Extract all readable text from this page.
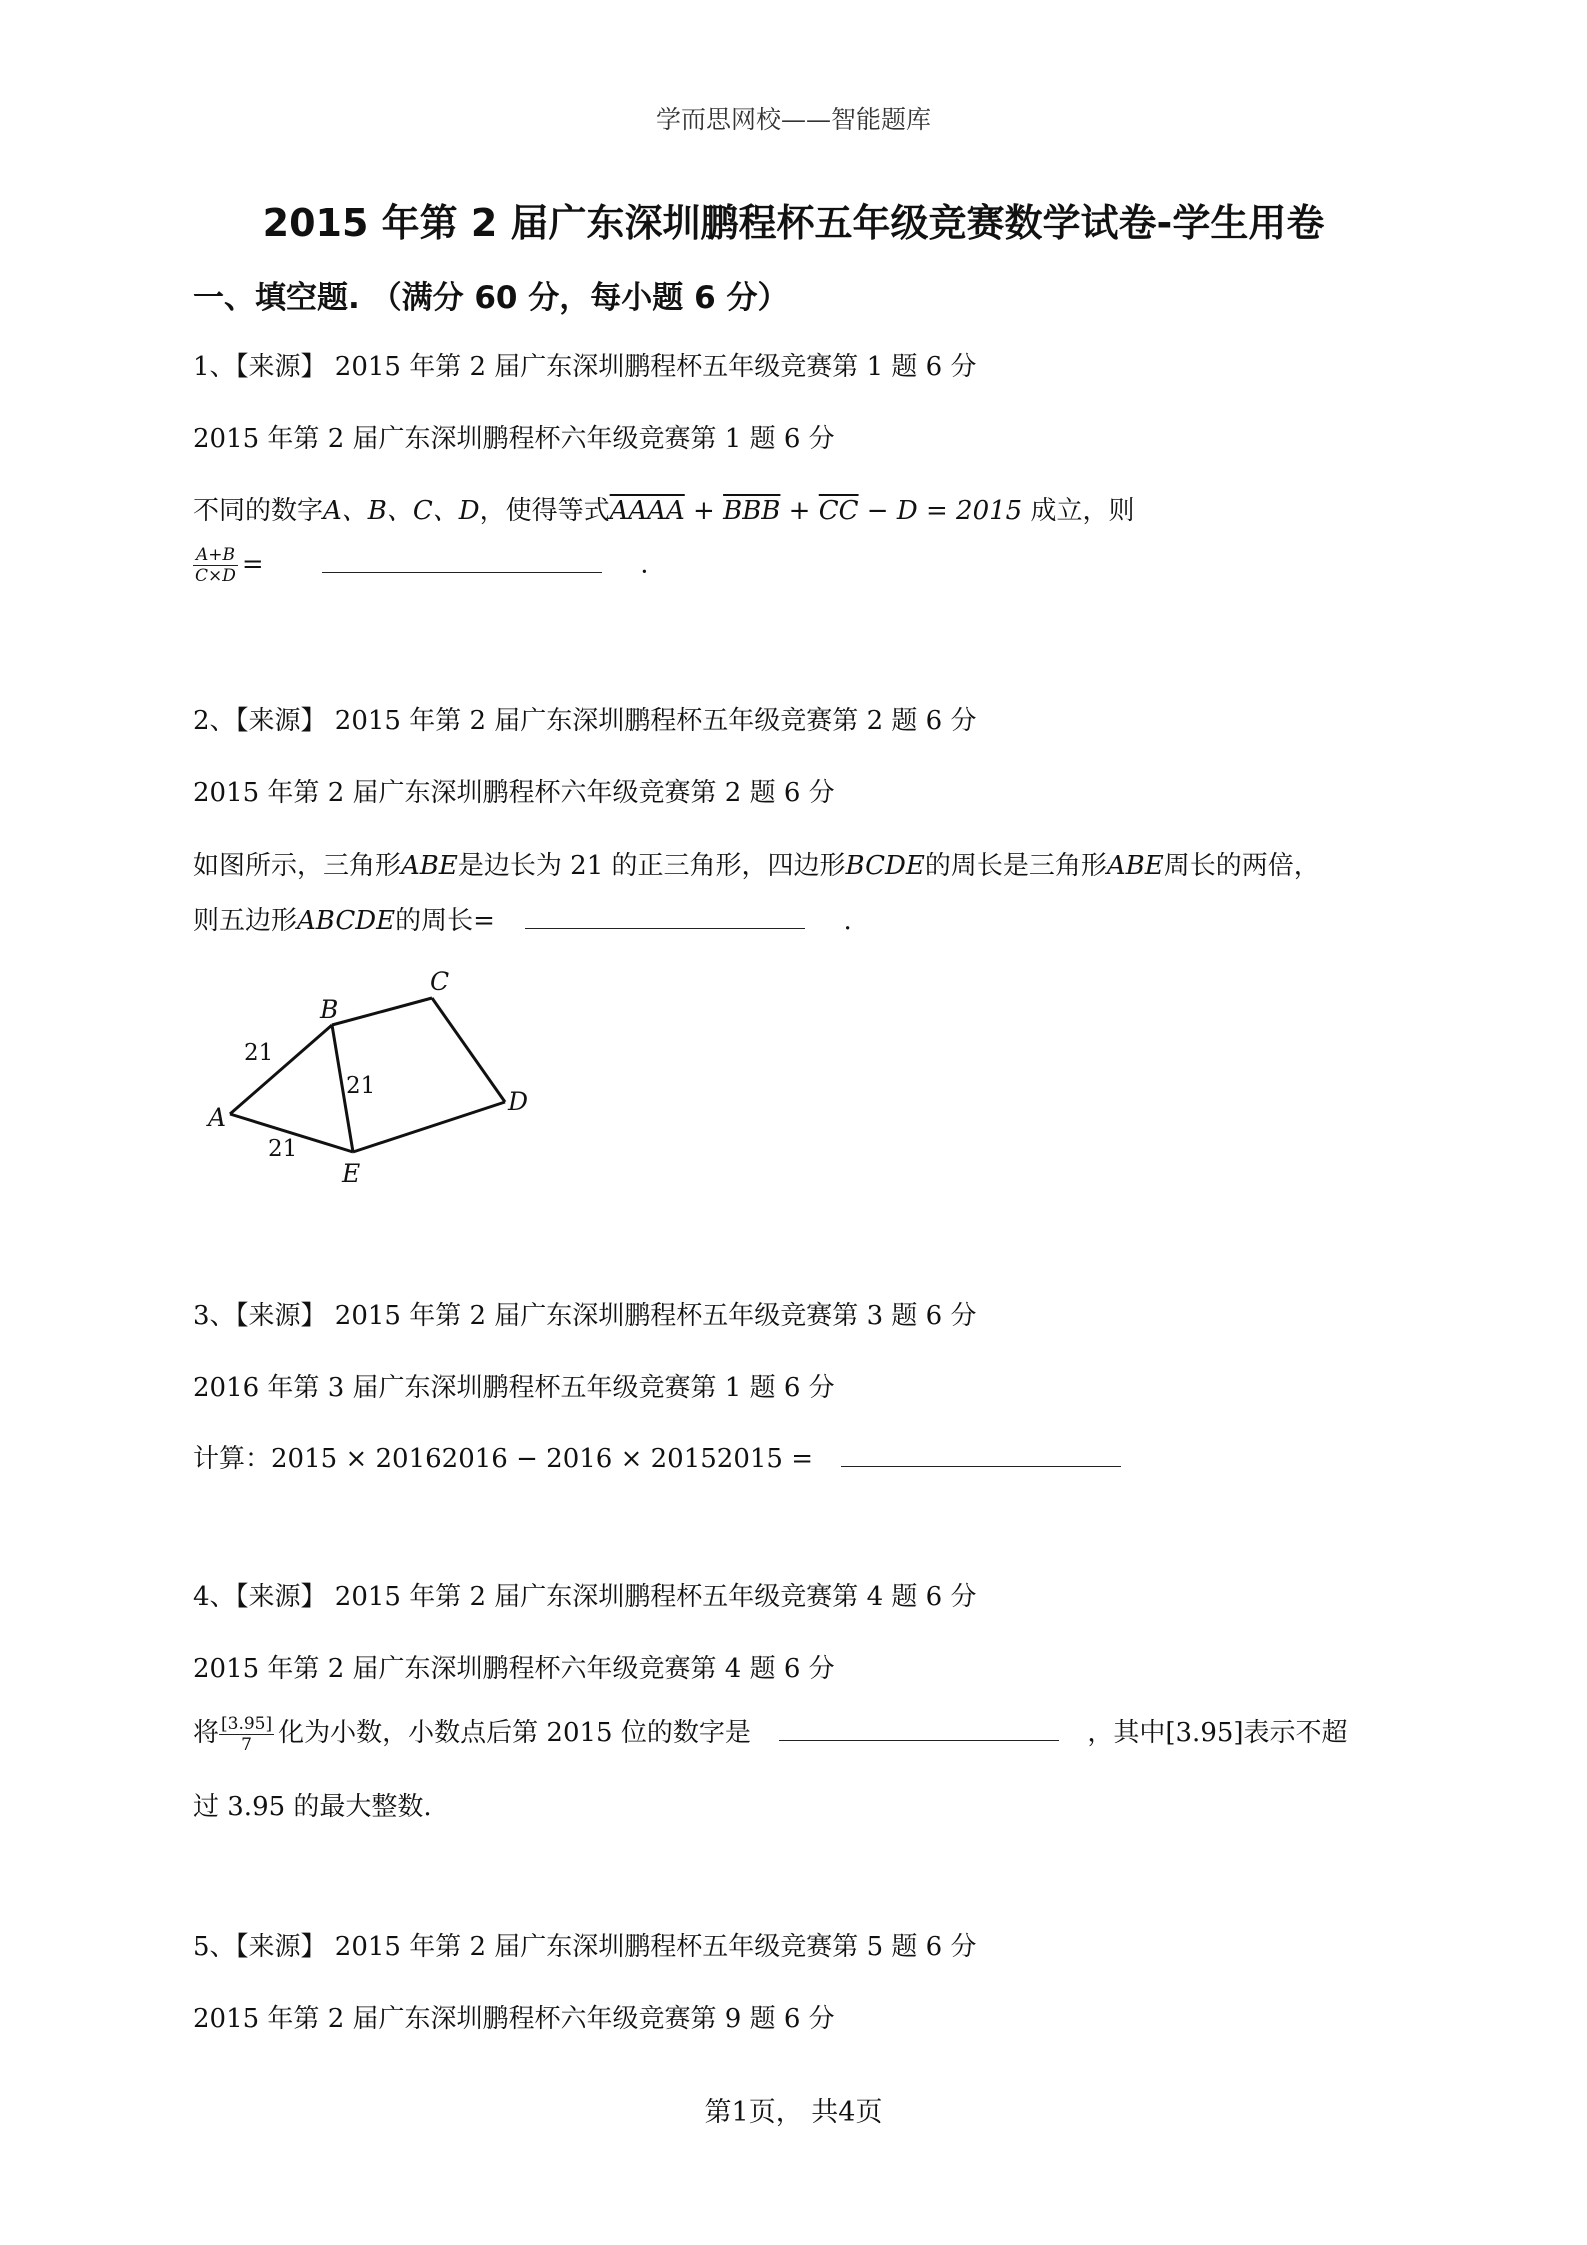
学而思网校——智能题库
2015 年第 2 届广东深圳鹏程杯五年级竞赛数学试卷-学生用卷
一、填空题. （满分 60 分，每小题 6 分）
1、【来源】 2015 年第 2 届广东深圳鹏程杯五年级竞赛第 1 题 6 分
2015 年第 2 届广东深圳鹏程杯六年级竞赛第 1 题 6 分
不同的数字A、B、C、D，使得等式AAAA + $\overline{BBB} + \overline{CC} - D = 2015$ 成立，则
$\frac{A+B}{C\times D}$ =	.
2、【来源】 2015 年第 2 届广东深圳鹏程杯五年级竞赛第 2 题 6 分
2015 年第 2 届广东深圳鹏程杯六年级竞赛第 2 题 6 分
如图所示，三角形ABE是边长为 21 的正三角形，四边形BCDE的周长是三角形ABE周长的两倍，
则五边形ABCDE的周长=	.
A
B
C
D
E
21
21
21
3、【来源】 2015 年第 2 届广东深圳鹏程杯五年级竞赛第 3 题 6 分
2016 年第 3 届广东深圳鹏程杯五年级竞赛第 1 题 6 分
计算：2015 × 20162016 − 2016 × 20152015 =
4、【来源】 2015 年第 2 届广东深圳鹏程杯五年级竞赛第 4 题 6 分
2015 年第 2 届广东深圳鹏程杯六年级竞赛第 4 题 6 分
将 $\frac{[3.95]}{7}$ 化为小数，小数点后第 2015 位的数字是	，其中[3.95]表示不超
过 3.95 的最大整数.
5、【来源】 2015 年第 2 届广东深圳鹏程杯五年级竞赛第 5 题 6 分
2015 年第 2 届广东深圳鹏程杯六年级竞赛第 9 题 6 分
第1页， 共4页
